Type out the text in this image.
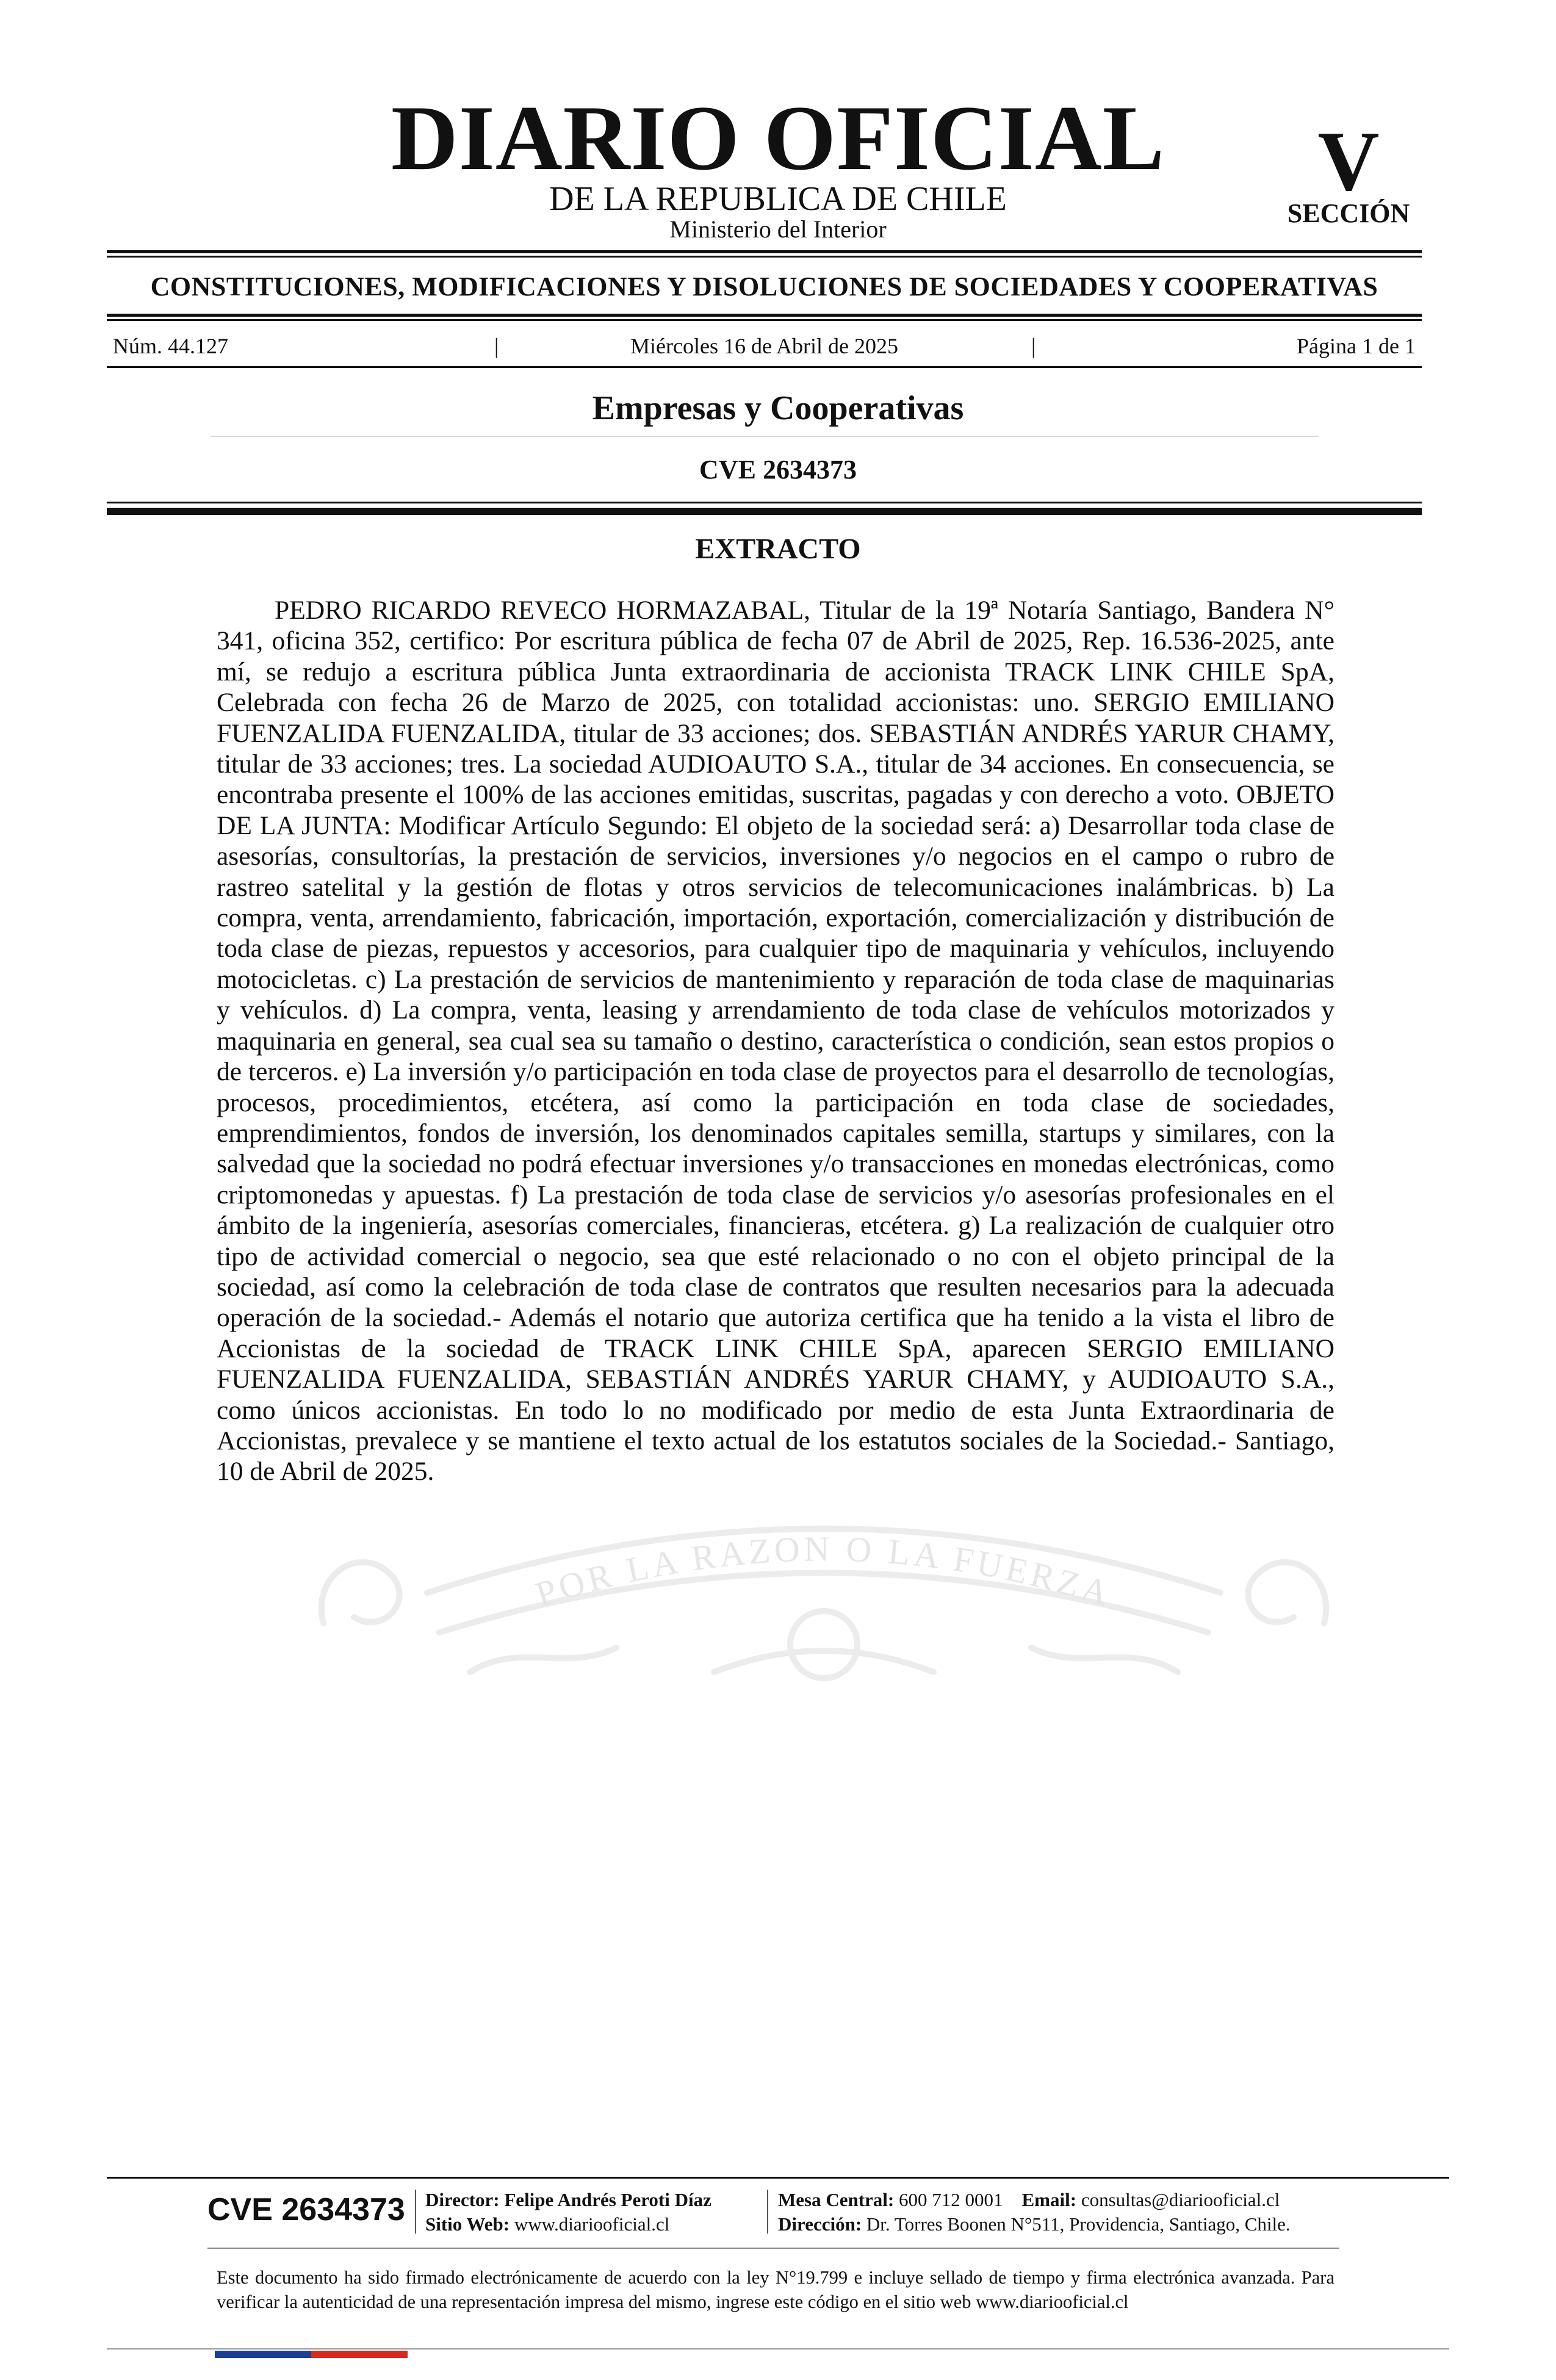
DIARIO OFICIAL
DE LA REPUBLICA DE CHILE
Ministerio del Interior
V
SECCIÓN
CONSTITUCIONES, MODIFICACIONES Y DISOLUCIONES DE SOCIEDADES Y COOPERATIVAS
Núm. 44.127	|	Miércoles 16 de Abril de 2025	|	Página 1 de 1
Empresas y Cooperativas
CVE 2634373
EXTRACTO
POR LA RAZON O LA FUERZA

PEDRO RICARDO REVECO HORMAZABAL, Titular de la 19ª Notaría Santiago, Bandera N° 341, oficina 352, certifico: Por escritura pública de fecha 07 de Abril de 2025, Rep. 16.536-2025, ante mí, se redujo a escritura pública Junta extraordinaria de accionista TRACK LINK CHILE SpA, Celebrada con fecha 26 de Marzo de 2025, con totalidad accionistas: uno. SERGIO EMILIANO FUENZALIDA FUENZALIDA, titular de 33 acciones; dos. SEBASTIÁN ANDRÉS YARUR CHAMY, titular de 33 acciones; tres. La sociedad AUDIOAUTO S.A., titular de 34 acciones. En consecuencia, se encontraba presente el 100% de las acciones emitidas, suscritas, pagadas y con derecho a voto. OBJETO DE LA JUNTA: Modificar Artículo Segundo: El objeto de la sociedad será: a) Desarrollar toda clase de asesorías, consultorías, la prestación de servicios, inversiones y/o negocios en el campo o rubro de rastreo satelital y la gestión de flotas y otros servicios de telecomunicaciones inalámbricas. b) La compra, venta, arrendamiento, fabricación, importación, exportación, comercialización y distribución de toda clase de piezas, repuestos y accesorios, para cualquier tipo de maquinaria y vehículos, incluyendo motocicletas. c) La prestación de servicios de mantenimiento y reparación de toda clase de maquinarias y vehículos. d) La compra, venta, leasing y arrendamiento de toda clase de vehículos motorizados y maquinaria en general, sea cual sea su tamaño o destino, característica o condición, sean estos propios o de terceros. e) La inversión y/o participación en toda clase de proyectos para el desarrollo de tecnologías, procesos, procedimientos, etcétera, así como la participación en toda clase de sociedades, emprendimientos, fondos de inversión, los denominados capitales semilla, startups y similares, con la salvedad que la sociedad no podrá efectuar inversiones y/o transacciones en monedas electrónicas, como criptomonedas y apuestas. f) La prestación de toda clase de servicios y/o asesorías profesionales en el ámbito de la ingeniería, asesorías comerciales, financieras, etcétera. g) La realización de cualquier otro tipo de actividad comercial o negocio, sea que esté relacionado o no con el objeto principal de la sociedad, así como la celebración de toda clase de contratos que resulten necesarios para la adecuada operación de la sociedad.- Además el notario que autoriza certifica que ha tenido a la vista el libro de Accionistas de la sociedad de TRACK LINK CHILE SpA, aparecen SERGIO EMILIANO FUENZALIDA FUENZALIDA, SEBASTIÁN ANDRÉS YARUR CHAMY, y AUDIOAUTO S.A., como únicos accionistas. En todo lo no modificado por medio de esta Junta Extraordinaria de Accionistas, prevalece y se mantiene el texto actual de los estatutos sociales de la Sociedad.- Santiago, 10 de Abril de 2025.

CVE 2634373 Director: Felipe Andrés Peroti Díaz
Sitio Web: www.diariooficial.cl
Mesa Central: 600 712 0001 Email: consultas@diariooficial.cl
Dirección: Dr. Torres Boonen N°511, Providencia, Santiago, Chile.
Este documento ha sido firmado electrónicamente de acuerdo con la ley N°19.799 e incluye sellado de tiempo y firma electrónica avanzada. Para verificar la autenticidad de una representación impresa del mismo, ingrese este código en el sitio web www.diariooficial.cl
